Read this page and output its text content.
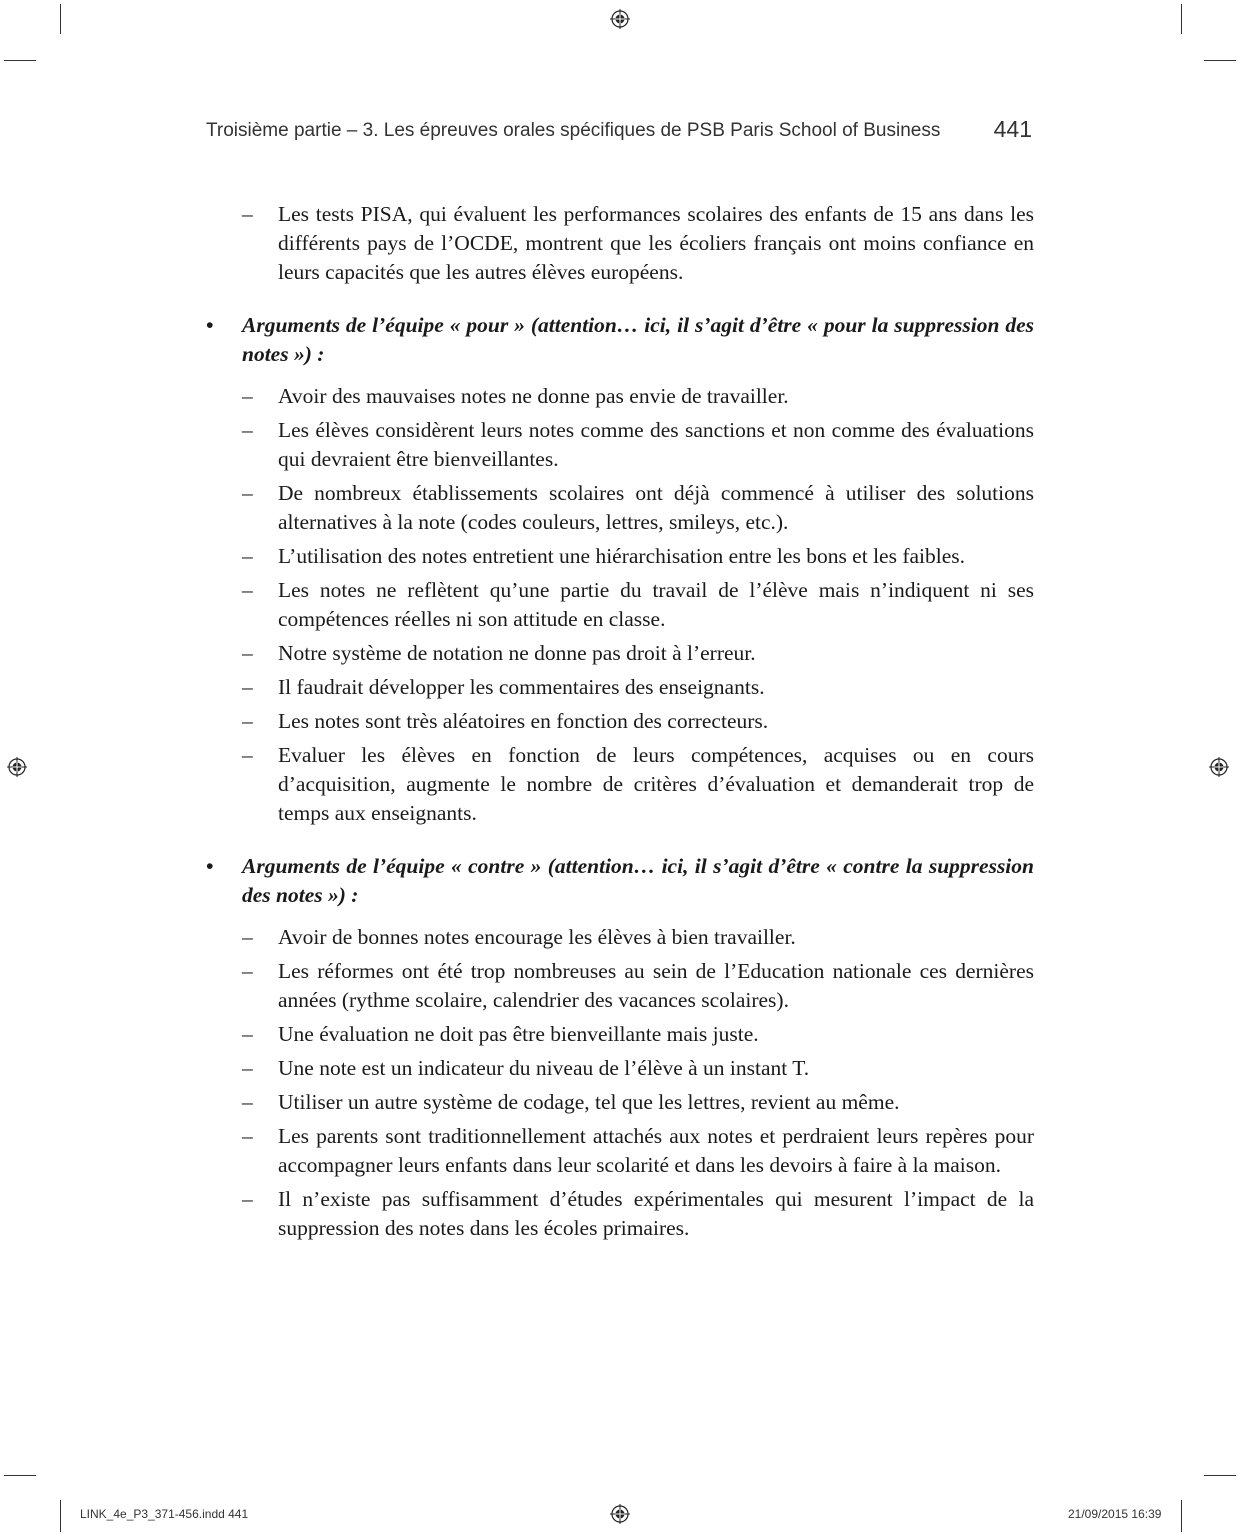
Troisième partie – 3. Les épreuves orales spécifiques de PSB Paris School of Business 441
– Les tests PISA, qui évaluent les performances scolaires des enfants de 15 ans dans les différents pays de l’OCDE, montrent que les écoliers français ont moins confiance en leurs capacités que les autres élèves européens.
• Arguments de l’équipe « pour » (attention… ici, il s’agit d’être « pour la suppression des notes ») :
– Avoir des mauvaises notes ne donne pas envie de travailler.
– Les élèves considèrent leurs notes comme des sanctions et non comme des évaluations qui devraient être bienveillantes.
– De nombreux établissements scolaires ont déjà commencé à utiliser des solutions alternatives à la note (codes couleurs, lettres, smileys, etc.).
– L’utilisation des notes entretient une hiérarchisation entre les bons et les faibles.
– Les notes ne reflètent qu’une partie du travail de l’élève mais n’indiquent ni ses compétences réelles ni son attitude en classe.
– Notre système de notation ne donne pas droit à l’erreur.
– Il faudrait développer les commentaires des enseignants.
– Les notes sont très aléatoires en fonction des correcteurs.
– Evaluer les élèves en fonction de leurs compétences, acquises ou en cours d’acquisition, augmente le nombre de critères d’évaluation et demanderait trop de temps aux enseignants.
• Arguments de l’équipe « contre » (attention… ici, il s’agit d’être « contre la suppression des notes ») :
– Avoir de bonnes notes encourage les élèves à bien travailler.
– Les réformes ont été trop nombreuses au sein de l’Education nationale ces dernières années (rythme scolaire, calendrier des vacances scolaires).
– Une évaluation ne doit pas être bienveillante mais juste.
– Une note est un indicateur du niveau de l’élève à un instant T.
– Utiliser un autre système de codage, tel que les lettres, revient au même.
– Les parents sont traditionnellement attachés aux notes et perdraient leurs repères pour accompagner leurs enfants dans leur scolarité et dans les devoirs à faire à la maison.
– Il n’existe pas suffisamment d’études expérimentales qui mesurent l’impact de la suppression des notes dans les écoles primaires.
LINK_4e_P3_371-456.indd 441	21/09/2015 16:39
